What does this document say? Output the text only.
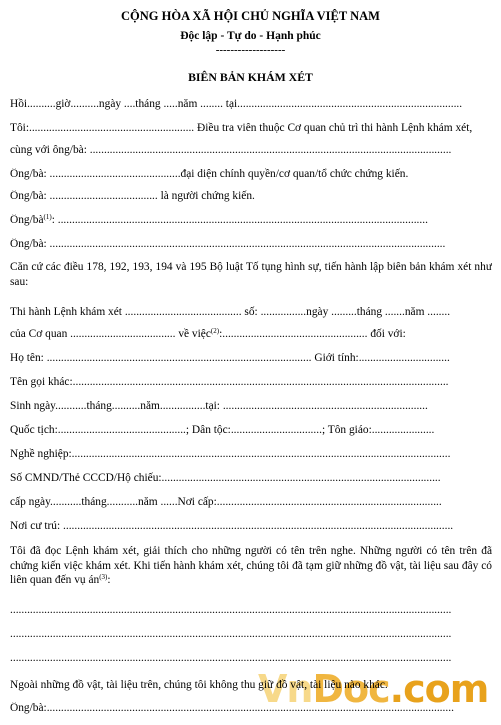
CỘNG HÒA XÃ HỘI CHỦ NGHĨA VIỆT NAM
Độc lập - Tự do - Hạnh phúc
-------------------
BIÊN BẢN KHÁM XÉT
Hồi..........giờ..........ngày ....tháng .....năm ........ tại...............................................................................
Tôi:.......................................................... Điều tra viên thuộc Cơ quan chủ trì thi hành Lệnh khám xét,
cùng với ông/bà: ...............................................................................................................................
Ông/bà: ..............................................đại diện chính quyền/cơ quan/tổ chức chứng kiến.
Ông/bà: ...................................... là người chứng kiến.
Ông/$bà^{(1)}$: ..................................................................................................................................
Ông/bà: ...........................................................................................................................................
Căn cứ các điều 178, 192, 193, 194 và 195 Bộ luật Tố tụng hình sự, tiến hành lập biên bản khám xét như sau:
Thi hành Lệnh khám xét ......................................... số: ................ngày .........tháng .......năm ........
của Cơ quan ..................................... về việc$^{(2)}$:................................................... đối với:
Họ tên: ............................................................................................. Giới tính:................................
Tên gọi khác:....................................................................................................................................
Sinh ngày...........tháng..........năm................tại: ........................................................................
Quốc tịch:.............................................; Dân tộc:................................; Tôn giáo:......................
Nghề nghiệp:.....................................................................................................................................
Số CMND/Thẻ CCCD/Hộ chiếu:..................................................................................................
cấp ngày...........tháng...........năm ......Nơi cấp:...............................................................................
Nơi cư trú: .........................................................................................................................................
Tôi đã đọc Lệnh khám xét, giải thích cho những người có tên trên nghe. Những người có tên trên đã chứng kiến việc khám xét. Khi tiến hành khám xét, chúng tôi đã tạm giữ những đồ vật, tài liệu sau đây có liên quan đến vụ $án^{(3)}$:
...........................................................................................................................................................
...........................................................................................................................................................
...........................................................................................................................................................
VnDoc.com
Ngoài những đồ vật, tài liệu trên, chúng tôi không thu giữ đồ vật, tài liệu nào khác.
Ông/bà:...............................................................................................................................................
